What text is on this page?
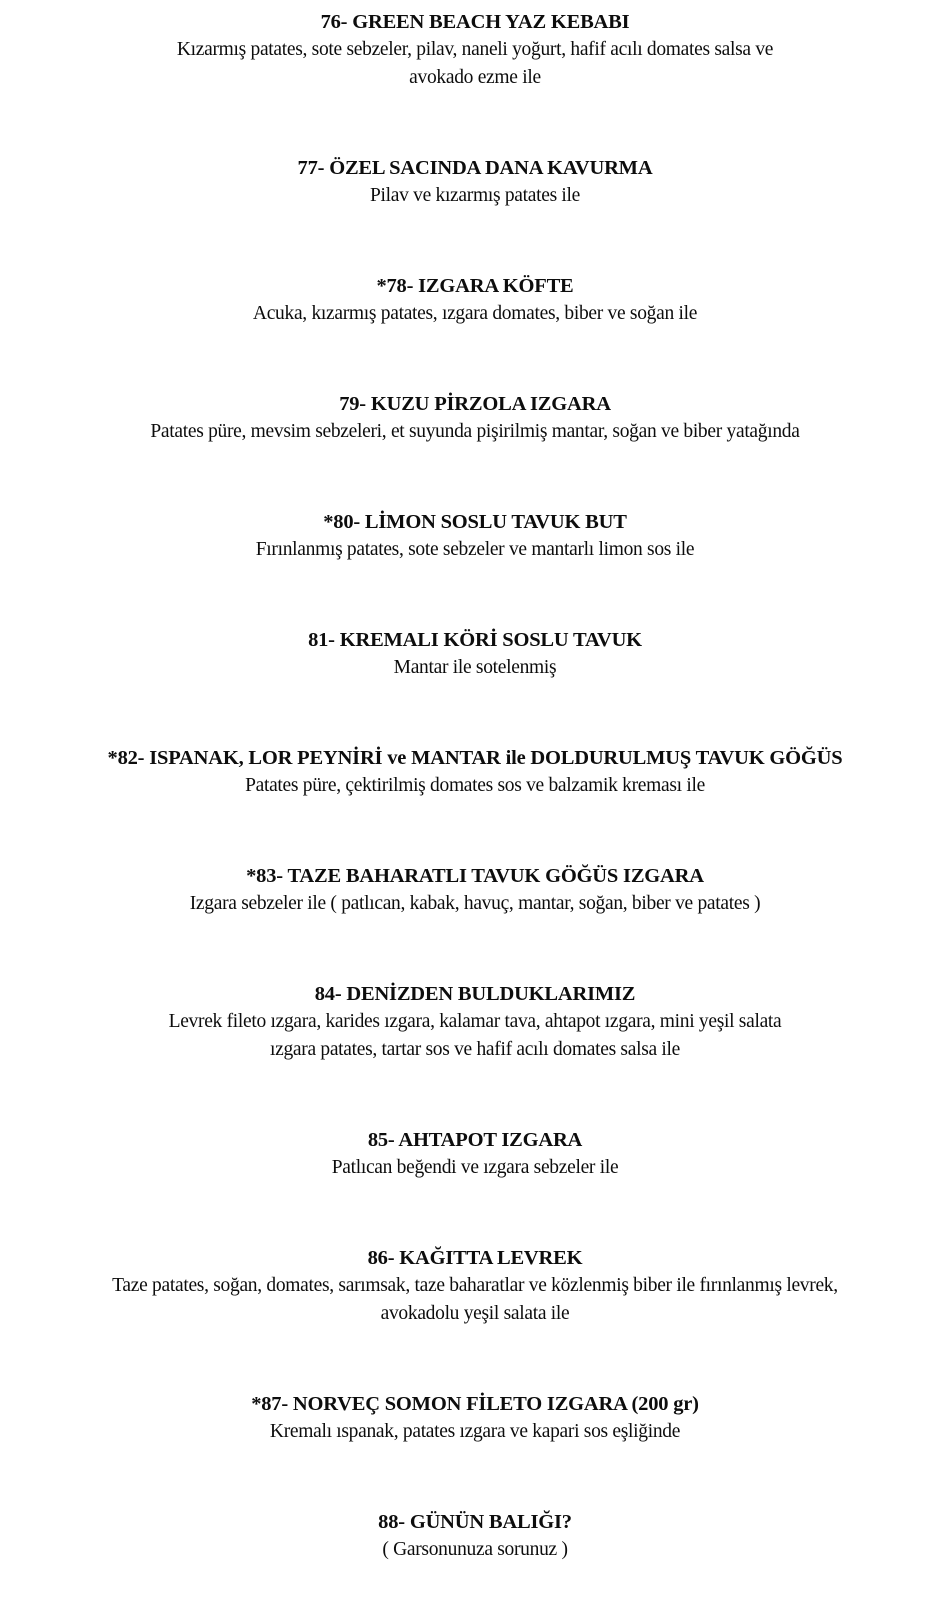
76- GREEN BEACH YAZ KEBABI
Kızarmış patates, sote sebzeler, pilav, naneli yoğurt, hafif acılı domates salsa ve
avokado ezme ile
77- ÖZEL SACINDA DANA KAVURMA
Pilav ve kızarmış patates ile
*78- IZGARA KÖFTE
Acuka, kızarmış patates, ızgara domates, biber ve soğan ile
79- KUZU PİRZOLA IZGARA
Patates püre, mevsim sebzeleri, et suyunda pişirilmiş mantar, soğan ve biber yatağında
*80- LİMON SOSLU TAVUK BUT
Fırınlanmış patates, sote sebzeler ve mantarlı limon sos ile
81- KREMALI KÖRİ SOSLU TAVUK
Mantar ile sotelenmiş
*82- ISPANAK, LOR PEYNİRİ ve MANTAR ile DOLDURULMUŞ TAVUK GÖĞÜS
Patates püre, çektirilmiş domates sos ve balzamik kreması ile
*83- TAZE BAHARATLI TAVUK GÖĞÜS IZGARA
Izgara sebzeler ile ( patlıcan, kabak, havuç, mantar, soğan, biber ve patates )
84- DENİZDEN BULDUKLARIMIZ
Levrek fileto ızgara, karides ızgara, kalamar tava, ahtapot ızgara, mini yeşil salata
ızgara patates, tartar sos ve hafif acılı domates salsa ile
85- AHTAPOT IZGARA
Patlıcan beğendi ve ızgara sebzeler ile
86- KAĞITTA LEVREK
Taze patates, soğan, domates, sarımsak, taze baharatlar ve közlenmiş biber ile fırınlanmış levrek,
avokadolu yeşil salata ile
*87- NORVEÇ SOMON FİLETO IZGARA (200 gr)
Kremalı ıspanak, patates ızgara ve kapari sos eşliğinde
88- GÜNÜN BALIĞI?
( Garsonunuza sorunuz )
